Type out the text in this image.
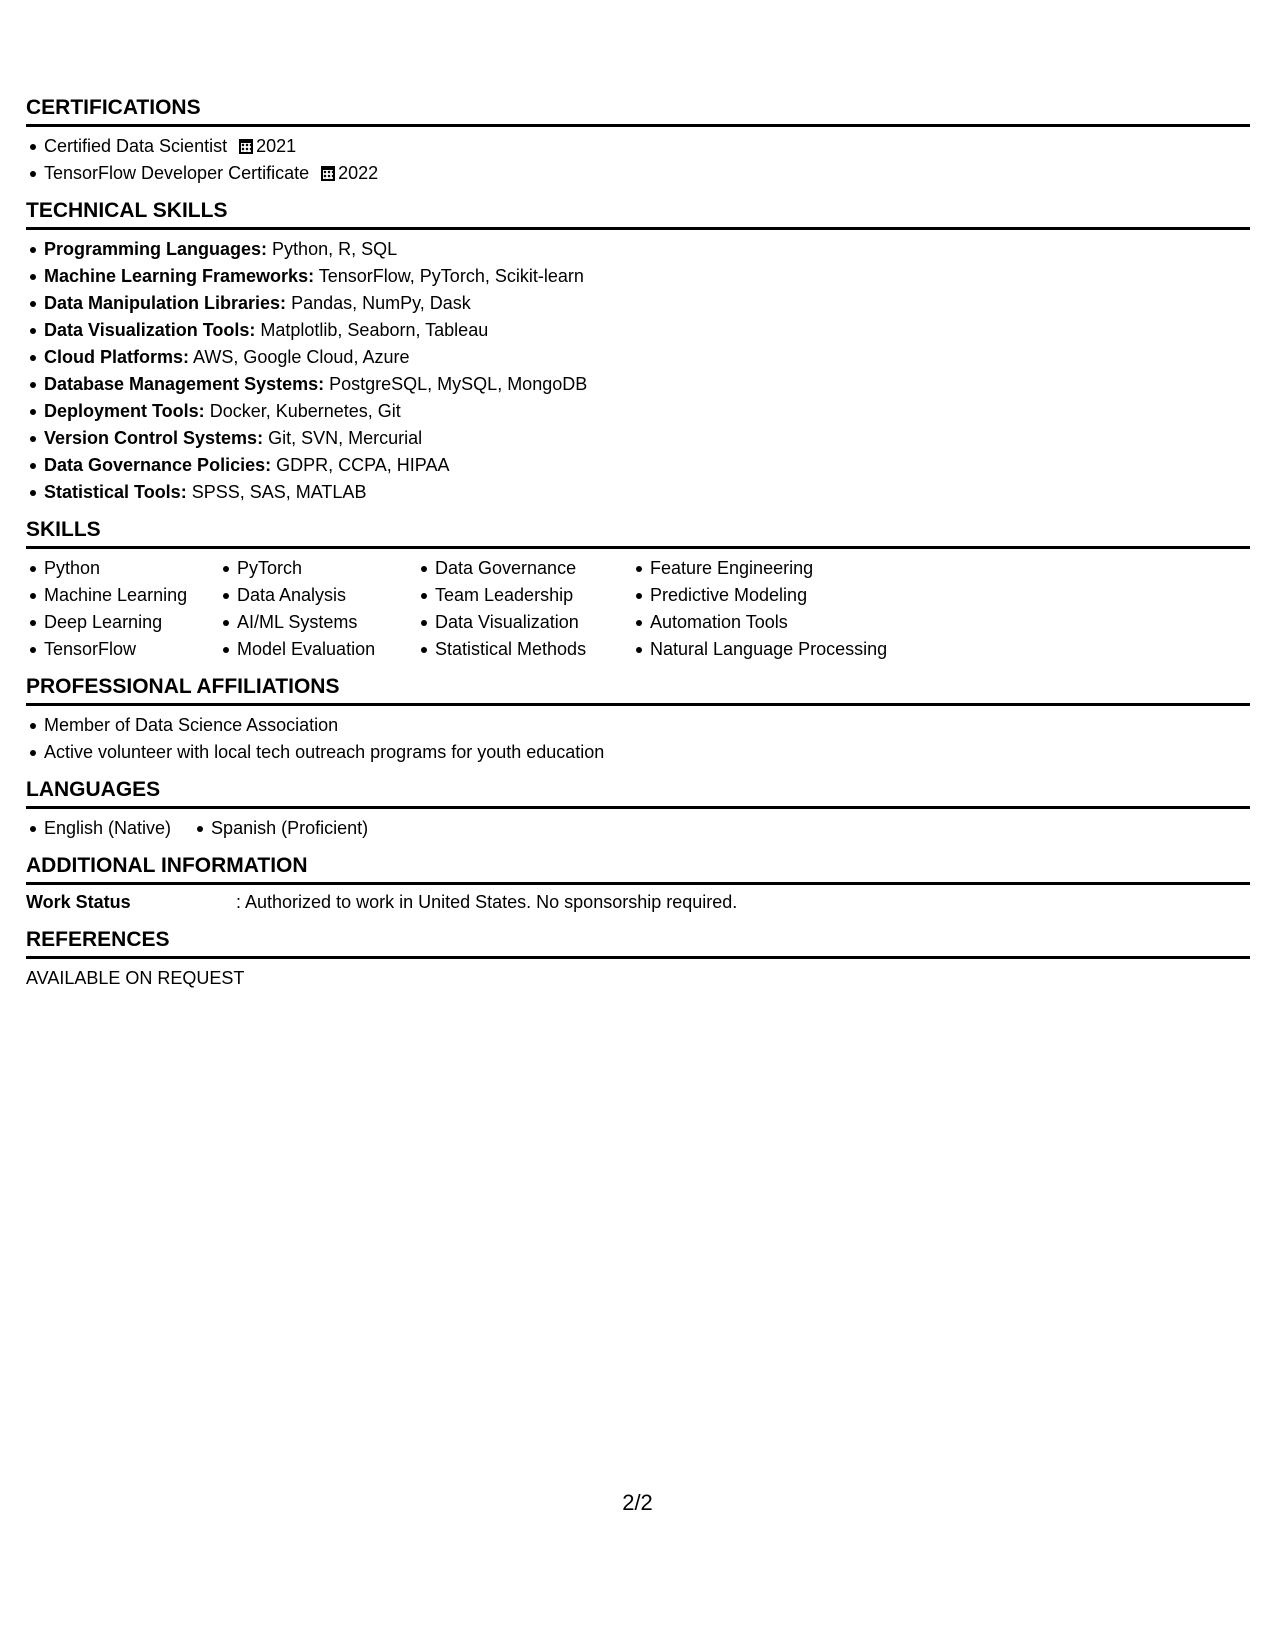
CERTIFICATIONS
Certified Data Scientist 2021
TensorFlow Developer Certificate 2022
TECHNICAL SKILLS
Programming Languages: Python, R, SQL
Machine Learning Frameworks: TensorFlow, PyTorch, Scikit-learn
Data Manipulation Libraries: Pandas, NumPy, Dask
Data Visualization Tools: Matplotlib, Seaborn, Tableau
Cloud Platforms: AWS, Google Cloud, Azure
Database Management Systems: PostgreSQL, MySQL, MongoDB
Deployment Tools: Docker, Kubernetes, Git
Version Control Systems: Git, SVN, Mercurial
Data Governance Policies: GDPR, CCPA, HIPAA
Statistical Tools: SPSS, SAS, MATLAB
SKILLS
Python
Machine Learning
Deep Learning
TensorFlow
PyTorch
Data Analysis
AI/ML Systems
Model Evaluation
Data Governance
Team Leadership
Data Visualization
Statistical Methods
Feature Engineering
Predictive Modeling
Automation Tools
Natural Language Processing
PROFESSIONAL AFFILIATIONS
Member of Data Science Association
Active volunteer with local tech outreach programs for youth education
LANGUAGES
English (Native) Spanish (Proficient)
ADDITIONAL INFORMATION
Work Status	: Authorized to work in United States. No sponsorship required.
REFERENCES
AVAILABLE ON REQUEST
2/2
